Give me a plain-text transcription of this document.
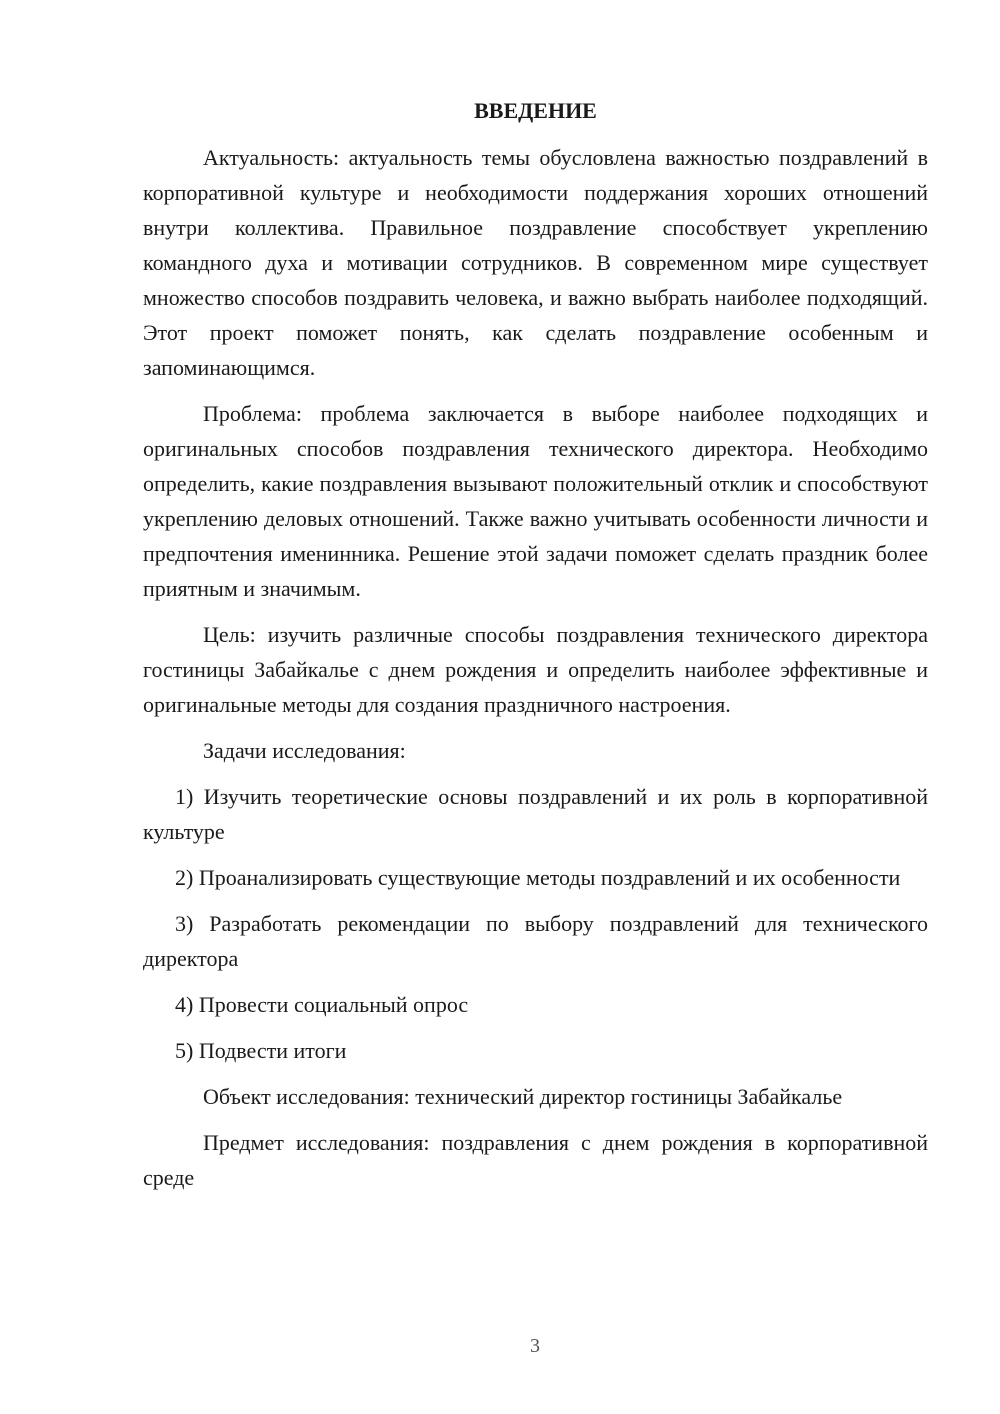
ВВЕДЕНИЕ

Актуальность: актуальность темы обусловлена важностью поздравлений в корпоративной культуре и необходимости поддержания хороших отношений внутри коллектива. Правильное поздравление способствует укреплению командного духа и мотивации сотрудников. В современном мире существует множество способов поздравить человека, и важно выбрать наиболее подходящий. Этот проект поможет понять, как сделать поздравление особенным и запоминающимся.

Проблема: проблема заключается в выборе наиболее подходящих и оригинальных способов поздравления технического директора. Необходимо определить, какие поздравления вызывают положительный отклик и способствуют укреплению деловых отношений. Также важно учитывать особенности личности и предпочтения именинника. Решение этой задачи поможет сделать праздник более приятным и значимым.

Цель: изучить различные способы поздравления технического директора гостиницы Забайкалье с днем рождения и определить наиболее эффективные и оригинальные методы для создания праздничного настроения.

Задачи исследования:

1) Изучить теоретические основы поздравлений и их роль в корпоративной культуре

2) Проанализировать существующие методы поздравлений и их особенности

3) Разработать рекомендации по выбору поздравлений для технического директора

4) Провести социальный опрос

5) Подвести итоги

Объект исследования: технический директор гостиницы Забайкалье

Предмет исследования: поздравления с днем рождения в корпоративной среде

3
